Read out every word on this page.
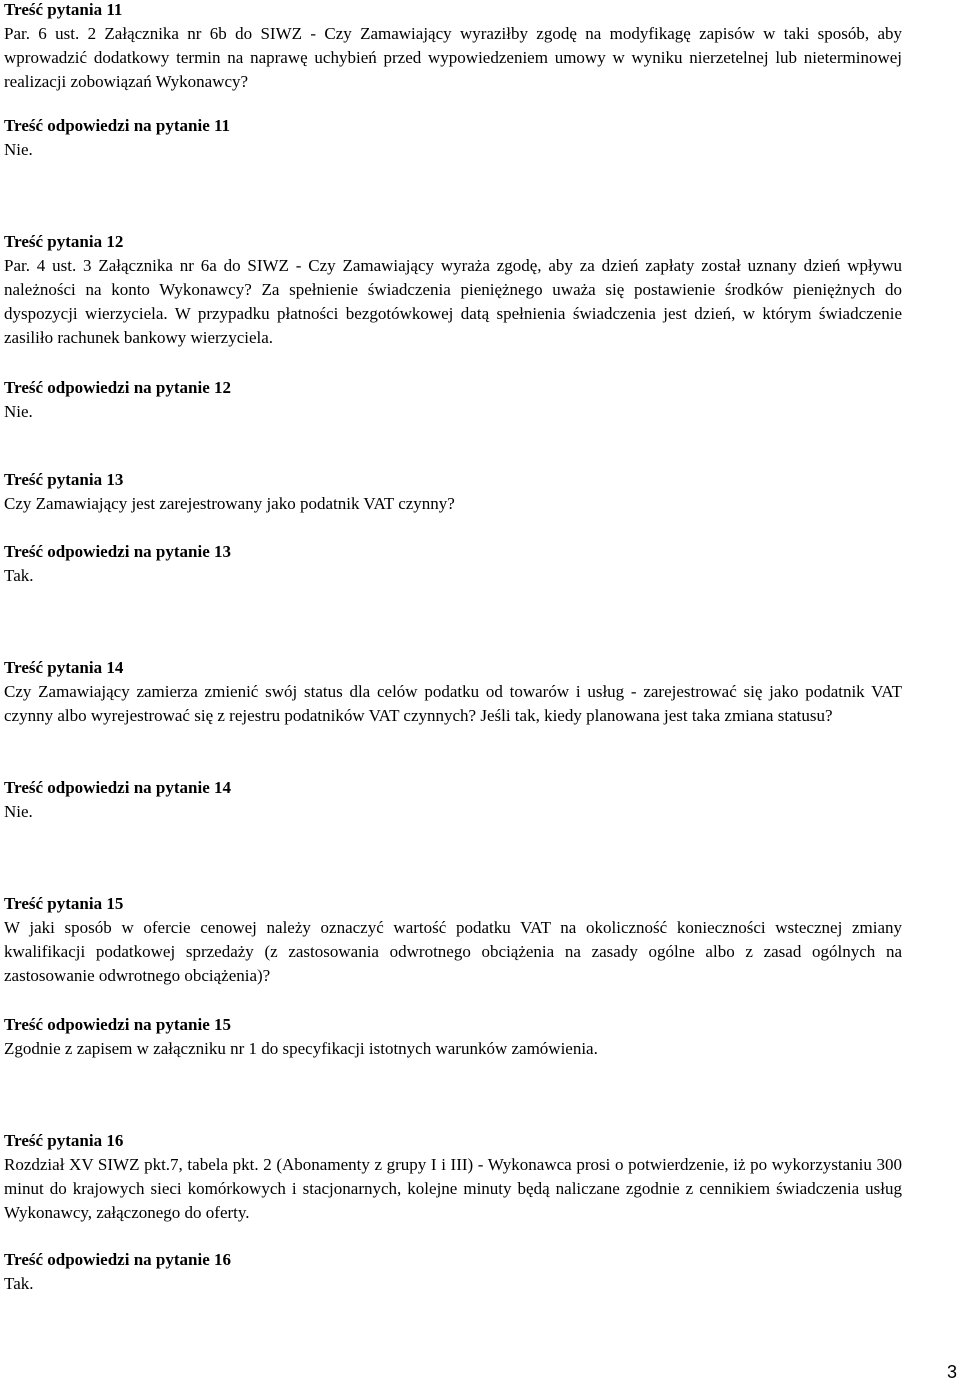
Treść pytania 11
Par. 6 ust. 2 Załącznika nr 6b do SIWZ - Czy Zamawiający wyraziłby zgodę na modyfikagę zapisów w taki sposób, aby wprowadzić dodatkowy termin na naprawę uchybień przed wypowiedzeniem umowy w wyniku nierzetelnej lub nieterminowej realizacji zobowiązań Wykonawcy?
Treść odpowiedzi na pytanie 11
Nie.
Treść pytania 12
Par. 4 ust. 3 Załącznika nr 6a do SIWZ - Czy Zamawiający wyraża zgodę, aby za dzień zapłaty został uznany dzień wpływu należności na konto Wykonawcy? Za spełnienie świadczenia pieniężnego uważa się postawienie środków pieniężnych do dyspozycji wierzyciela. W przypadku płatności bezgotówkowej datą spełnienia świadczenia jest dzień, w którym świadczenie zasiliło rachunek bankowy wierzyciela.
Treść odpowiedzi na pytanie 12
Nie.
Treść pytania 13
Czy Zamawiający jest zarejestrowany jako podatnik VAT czynny?
Treść odpowiedzi na pytanie 13
Tak.
Treść pytania 14
Czy Zamawiający zamierza zmienić swój status dla celów podatku od towarów i usług - zarejestrować się jako podatnik VAT czynny albo wyrejestrować się z rejestru podatników VAT czynnych? Jeśli tak, kiedy planowana jest taka zmiana statusu?
Treść odpowiedzi na pytanie 14
Nie.
Treść pytania 15
W jaki sposób w ofercie cenowej należy oznaczyć wartość podatku VAT na okoliczność konieczności wstecznej zmiany kwalifikacji podatkowej sprzedaży (z zastosowania odwrotnego obciążenia na zasady ogólne albo z zasad ogólnych na zastosowanie odwrotnego obciążenia)?
Treść odpowiedzi na pytanie 15
Zgodnie z zapisem w załączniku nr 1 do specyfikacji istotnych warunków zamówienia.
Treść pytania 16
Rozdział XV SIWZ pkt.7, tabela pkt. 2 (Abonamenty z grupy I i III) - Wykonawca prosi o potwierdzenie, iż po wykorzystaniu 300 minut do krajowych sieci komórkowych i stacjonarnych, kolejne minuty będą naliczane zgodnie z cennikiem świadczenia usług Wykonawcy, załączonego do oferty.
Treść odpowiedzi na pytanie 16
Tak.
3
